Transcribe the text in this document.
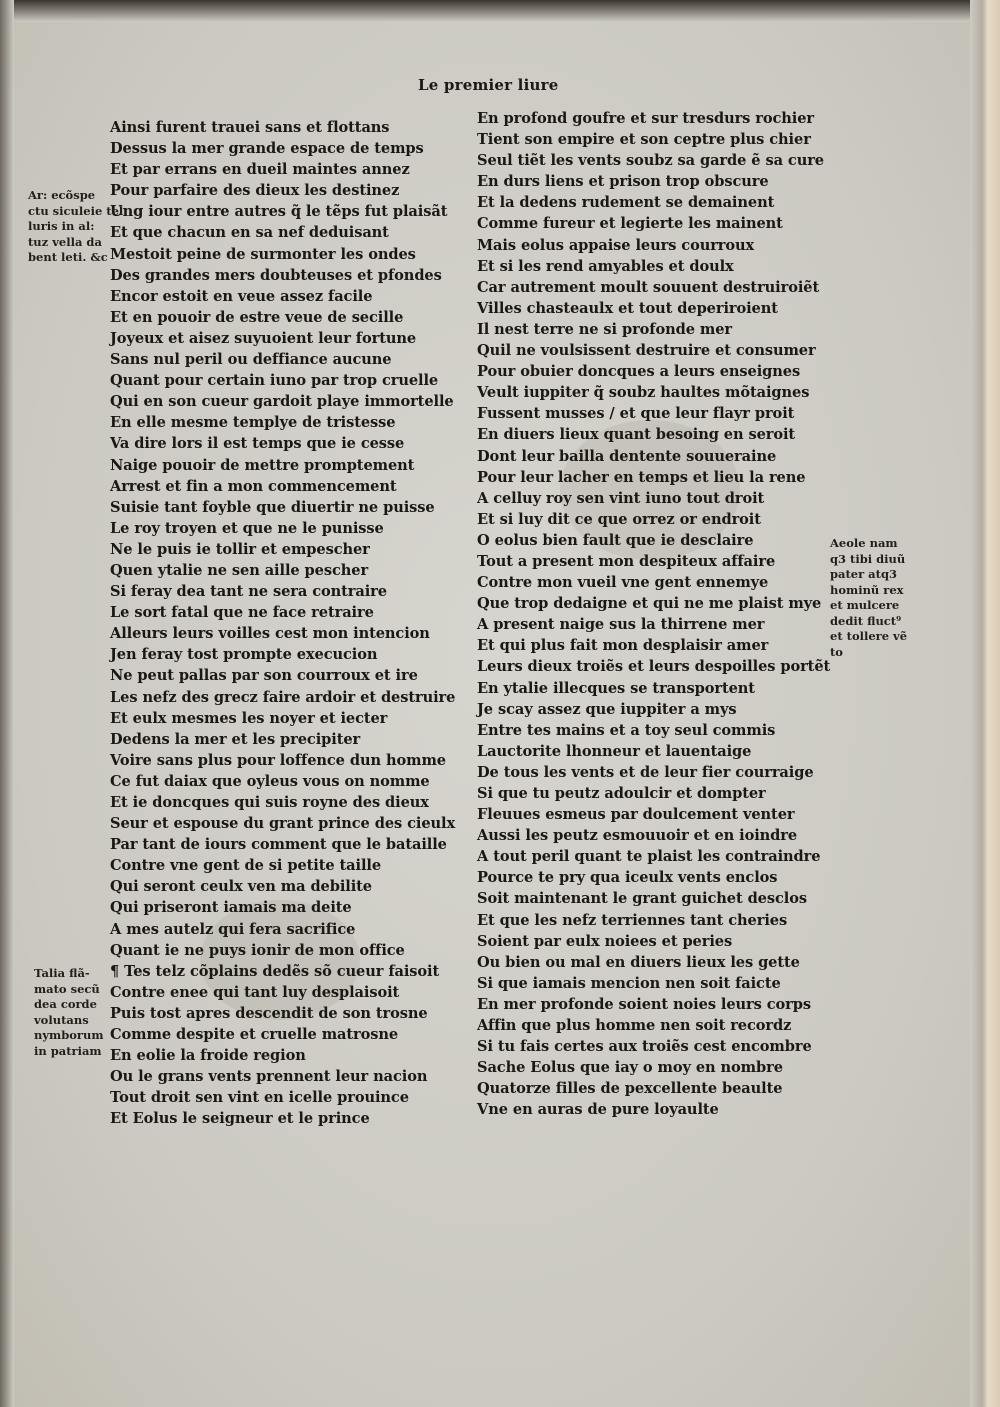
Le premier liure
Ainsi furent trauei sans et flottans
Dessus la mer grande espace de temps
Et par errans en dueil maintes annez
Pour parfaire des dieux les destinez
Ung iour entre autres q̃ le tẽps fut plaisãt
Et que chacun en sa nef deduisant
Mestoit peine de surmonter les ondes
Des grandes mers doubteuses et pfondes
Encor estoit en veue assez facile
Et en pouoir de estre veue de secille
Joyeux et aisez suyuoient leur fortune
Sans nul peril ou deffiance aucune
Quant pour certain iuno par trop cruelle
Qui en son cueur gardoit playe immortelle
En elle mesme templye de tristesse
Va dire lors il est temps que ie cesse
Naige pouoir de mettre promptement
Arrest et fin a mon commencement
Suisie tant foyble que diuertir ne puisse
Le roy troyen et que ne le punisse
Ne le puis ie tollir et empescher
Quen ytalie ne sen aille pescher
Si feray dea tant ne sera contraire
Le sort fatal que ne face retraire
Alleurs leurs voilles cest mon intencion
Jen feray tost prompte execucion
Ne peut pallas par son courroux et ire
Les nefz des grecz faire ardoir et destruire
Et eulx mesmes les noyer et iecter
Dedens la mer et les precipiter
Voire sans plus pour loffence dun homme
Ce fut daiax que oyleus vous on nomme
Et ie doncques qui suis royne des dieux
Seur et espouse du grant prince des cieulx
Par tant de iours comment que le bataille
Contre vne gent de si petite taille
Qui seront ceulx ven ma debilite
Qui priseront iamais ma deite
A mes autelz qui fera sacrifice
Quant ie ne puys ionir de mon office
¶ Tes telz cõplains dedẽs sõ cueur faisoit
Contre enee qui tant luy desplaisoit
Puis tost apres descendit de son trosne
Comme despite et cruelle matrosne
En eolie la froide region
Ou le grans vents prennent leur nacion
Tout droit sen vint en icelle prouince
Et Eolus le seigneur et le prince
En profond goufre et sur tresdurs rochier
Tient son empire et son ceptre plus chier
Seul tiẽt les vents soubz sa garde ẽ sa cure
En durs liens et prison trop obscure
Et la dedens rudement se demainent
Comme fureur et legierte les mainent
Mais eolus appaise leurs courroux
Et si les rend amyables et doulx
Car autrement moult souuent destruiroiẽt
Villes chasteaulx et tout deperiroient
Il nest terre ne si profonde mer
Quil ne voulsissent destruire et consumer
Pour obuier doncques a leurs enseignes
Veult iuppiter q̃ soubz haultes mõtaignes
Fussent musses / et que leur flayr proit
En diuers lieux quant besoing en seroit
Dont leur bailla dentente souueraine
Pour leur lacher en temps et lieu la rene
A celluy roy sen vint iuno tout droit
Et si luy dit ce que orrez or endroit
O eolus bien fault que ie desclaire
Tout a present mon despiteux affaire
Contre mon vueil vne gent ennemye
Que trop dedaigne et qui ne me plaist mye
A present naige sus la thirrene mer
Et qui plus fait mon desplaisir amer
Leurs dieux troiẽs et leurs despoilles portẽt
En ytalie illecques se transportent
Je scay assez que iuppiter a mys
Entre tes mains et a toy seul commis
Lauctorite lhonneur et lauentaige
De tous les vents et de leur fier courraige
Si que tu peutz adoulcir et dompter
Fleuues esmeus par doulcement venter
Aussi les peutz esmouuoir et en ioindre
A tout peril quant te plaist les contraindre
Pource te pry qua iceulx vents enclos
Soit maintenant le grant guichet desclos
Et que les nefz terriennes tant cheries
Soient par eulx noiees et peries
Ou bien ou mal en diuers lieux les gette
Si que iamais mencion nen soit faicte
En mer profonde soient noies leurs corps
Affin que plus homme nen soit recordz
Si tu fais certes aux troiẽs cest encombre
Sache Eolus que iay o moy en nombre
Quatorze filles de pexcellente beaulte
Vne en auras de pure loyaulte
Ar: ecõspe
ctu siculeie tel
luris in al:
tuz vella da
bent leti. &c
Talia flã-
mato secũ
dea corde
volutans
nymborum
in patriam
Aeole nam
q3 tibi diuũ
pater atq3
hominũ rex
et mulcere
dedit fluct⁹
et tollere vẽ
to
